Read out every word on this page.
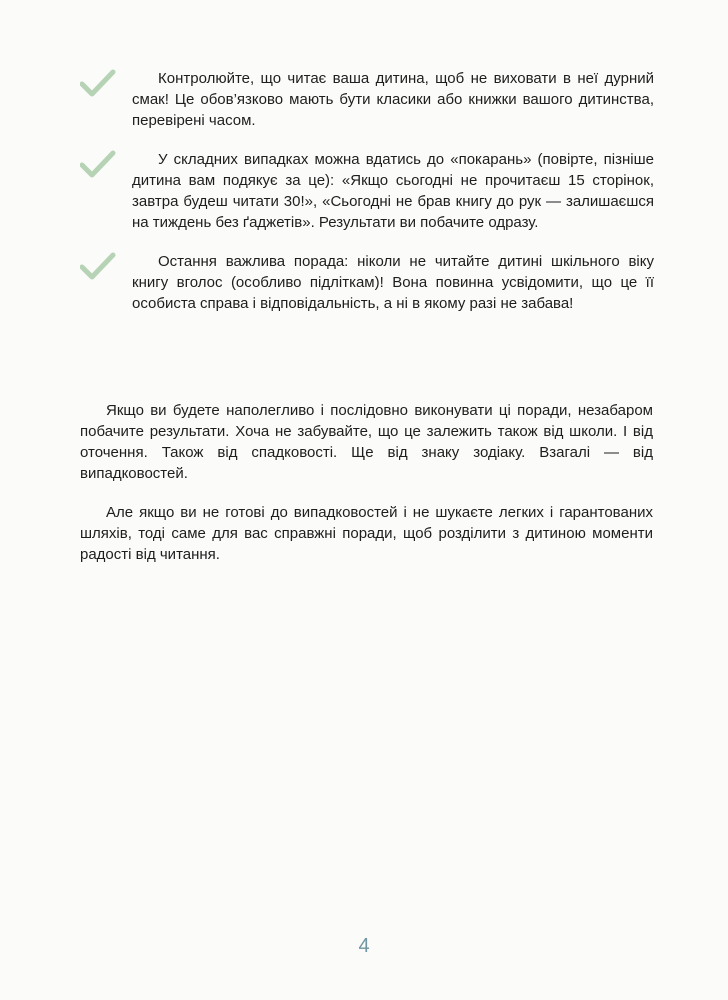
Контролюйте, що читає ваша дитина, щоб не виховати в неї дурний смак! Це обов’язково мають бути класики або книжки вашого дитинства, перевірені часом.
У складних випадках можна вдатись до «покарань» (повірте, пізніше дитина вам подякує за це): «Якщо сьогодні не прочитаєш 15 сторінок, завтра будеш читати 30!», «Сьогодні не брав книгу до рук — залишаєшся на тиждень без ґаджетів». Результати ви побачите одразу.
Остання важлива порада: ніколи не читайте дитині шкільного віку книгу вголос (особливо підліткам)! Вона повинна усвідомити, що це її особиста справа і відповідальність, а ні в якому разі не забава!

Якщо ви будете наполегливо і послідовно виконувати ці поради, незабаром побачите результати. Хоча не забувайте, що це залежить також від школи. І від оточення. Також від спадковості. Ще від знаку зодіаку. Взагалі — від випадковостей.

Але якщо ви не готові до випадковостей і не шукаєте легких і гарантованих шляхів, тоді саме для вас справжні поради, щоб розділити з дитиною моменти радості від читання.

4
